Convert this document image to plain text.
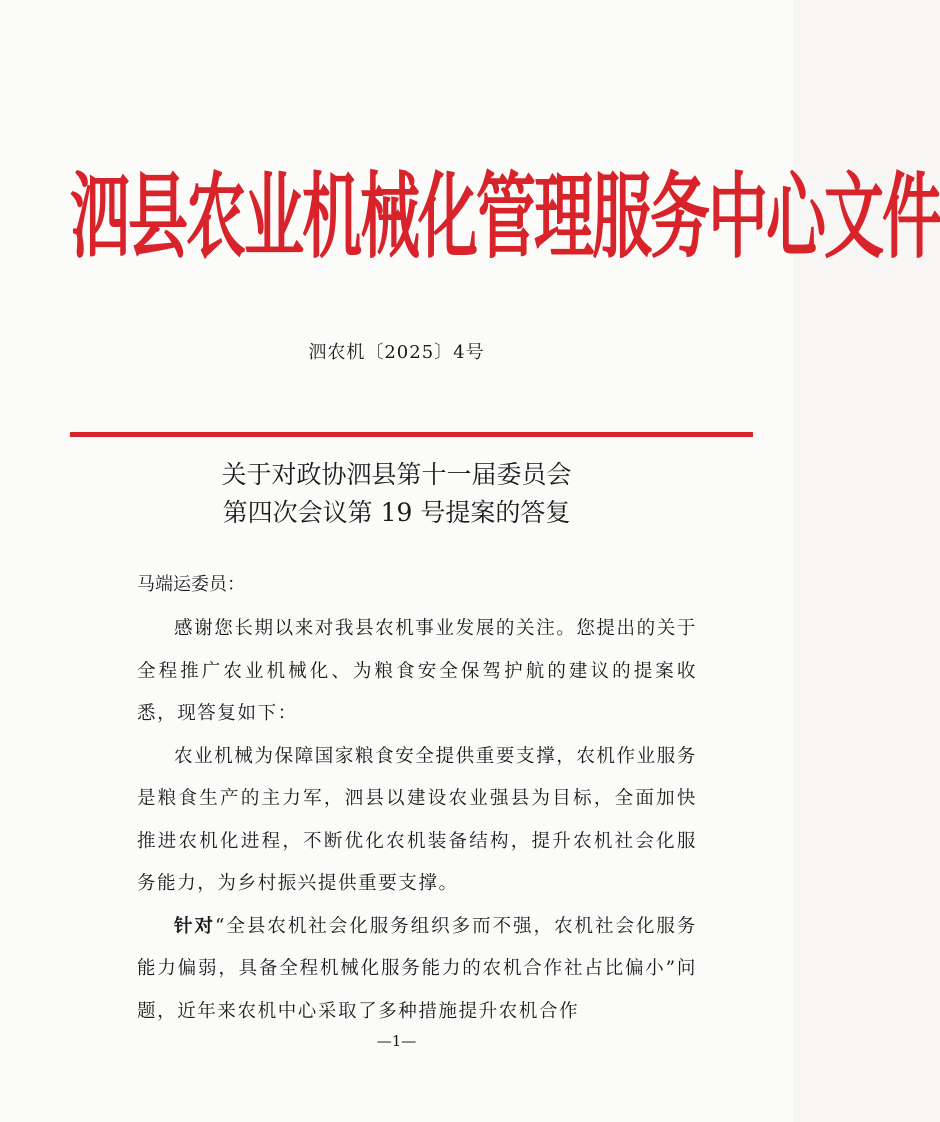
泗县农业机械化管理服务中心文件
泗农机〔2025〕4号
关于对政协泗县第十一届委员会
第四次会议第 19 号提案的答复
马端运委员：

感谢您长期以来对我县农机事业发展的关注。您提出的关于全程推广农业机械化、为粮食安全保驾护航的建议的提案收悉，现答复如下：

农业机械为保障国家粮食安全提供重要支撑，农机作业服务是粮食生产的主力军，泗县以建设农业强县为目标，全面加快推进农机化进程，不断优化农机装备结构，提升农机社会化服务能力，为乡村振兴提供重要支撑。

针对“全县农机社会化服务组织多而不强，农机社会化服务能力偏弱，具备全程机械化服务能力的农机合作社占比偏小”问题，近年来农机中心采取了多种措施提升农机合作

—1—
